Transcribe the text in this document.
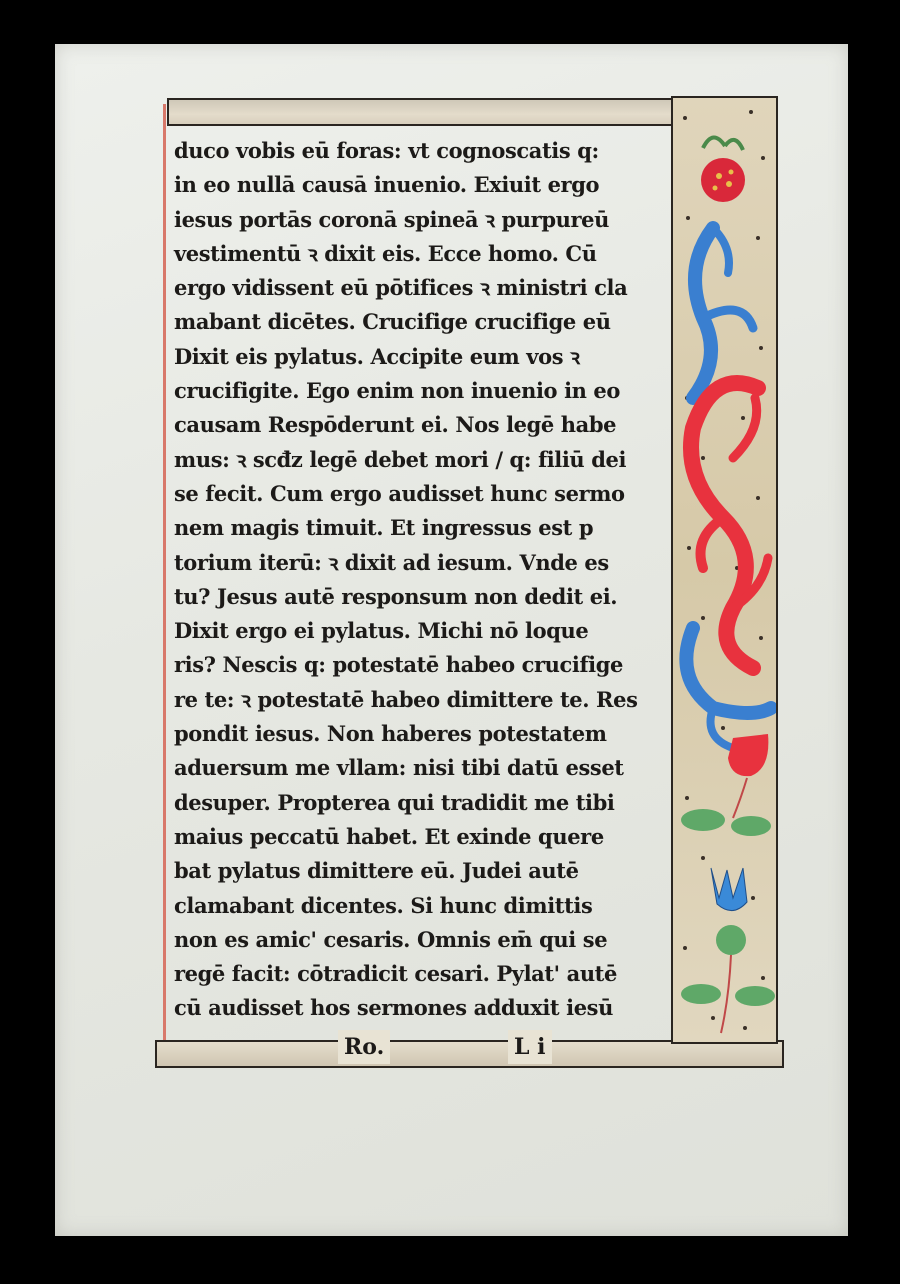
duco vobis eū foras: vt cognoscatis q:
in eo nullā causā inuenio. Exiuit ergo
iesus portās coronā spineā ꝛ purpureū
vestimentū ꝛ dixit eis. Ecce homo. Cū
ergo vidissent eū pōtifices ꝛ ministri cla
mabant dicētes. Crucifige crucifige eū
Dixit eis pylatus. Accipite eum vos ꝛ
crucifigite. Ego enim non inuenio in eo
causam Respōderunt ei. Nos legē habe
mus: ꝛ scđz legē debet mori / q: filiū dei
se fecit. Cum ergo audisset hunc sermo
nem magis timuit. Et ingressus est p
torium iterū: ꝛ dixit ad iesum. Vnde es
tu? Jesus autē responsum non dedit ei.
Dixit ergo ei pylatus. Michi nō loque
ris? Nescis q: potestatē habeo crucifige
re te: ꝛ potestatē habeo dimittere te. Res
pondit iesus. Non haberes potestatem
aduersum me vllam: nisi tibi datū esset
desuper. Propterea qui tradidit me tibi
maius peccatū habet. Et exinde quere
bat pylatus dimittere eū. Judei autē
clamabant dicentes. Si hunc dimittis
non es amic' cesaris. Omnis em̄ qui se
regē facit: cōtradicit cesari. Pylat' autē
cū audisset hos sermones adduxit iesū
Ro.	L i
